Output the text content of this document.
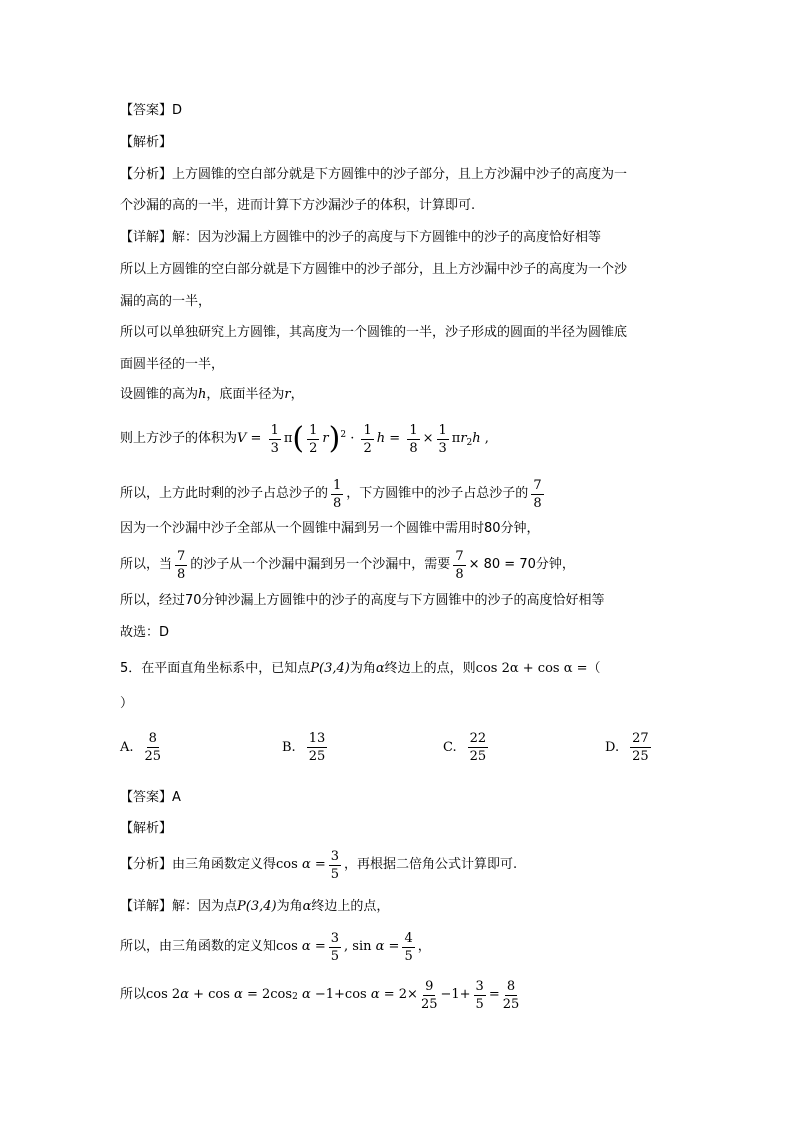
【答案】D
【解析】
【分析】上方圆锥的空白部分就是下方圆锥中的沙子部分，且上方沙漏中沙子的高度为一
个沙漏的高的一半，进而计算下方沙漏沙子的体积，计算即可.
【详解】解：因为沙漏上方圆锥中的沙子的高度与下方圆锥中的沙子的高度恰好相等
所以上方圆锥的空白部分就是下方圆锥中的沙子部分，且上方沙漏中沙子的高度为一个沙
漏的高的一半，
所以可以单独研究上方圆锥，其高度为一个圆锥的一半，沙子形成的圆面的半径为圆锥底
面圆半径的一半，
设圆锥的高为h，底面半径为r，
则上方沙子的体积为 $V = \frac{1}{3}$ π ( $\frac{1}{2}$ r )$^2 \cdot \frac{1}{2}$ $h = \frac{1}{8} \times \frac{1}{3}$ π $r_2$ h ,
所以，上方此时剩的沙子占总沙子的 $\frac{1}{8}$ ，下方圆锥中的沙子占总沙子的 $\frac{7}{8}$
因为一个沙漏中沙子全部从一个圆锥中漏到另一个圆锥中需用时80分钟，
所以，当 $\frac{7}{8}$ 的沙子从一个沙漏中漏到另一个沙漏中，需要 $\frac{7}{8} \times 80 = 70$分钟，
所以，经过70分钟沙漏上方圆锥中的沙子的高度与下方圆锥中的沙子的高度恰好相等
故选：D
5．在平面直角坐标系中，已知点P(3,4)为角α终边上的点，则cos 2α + cos α =（
）
A. $\frac{8}{25}$	B. $\frac{13}{25}$	C. $\frac{22}{25}$	D. $\frac{27}{25}$
【答案】A
【解析】
【分析】 由三角函数定义得 $\cos \alpha = \frac{3}{5}$ ，再根据二倍角公式计算即可.
【详解】解：因为点P(3,4)为角α终边上的点，
所以，由三角函数的定义知 $\cos \alpha = \frac{3}{5}$ , $\sin \alpha = \frac{4}{5}$ ，
所以 cos 2 α + cos α = 2cos 2
α −1+cos $\alpha = 2\times \frac{9}{25} -1+ \frac{3}{5} = \frac{8}{25}$
